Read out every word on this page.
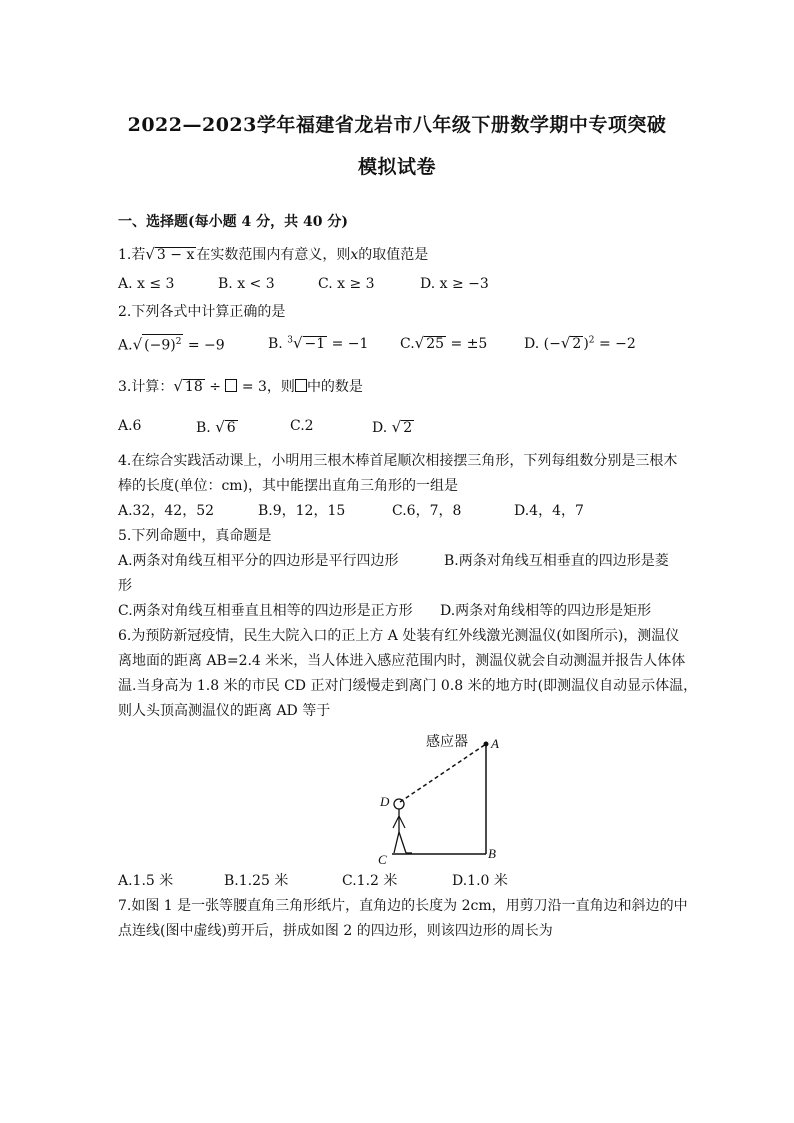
2022—2023学年福建省龙岩市八年级下册数学期中专项突破
模拟试卷
一、选择题(每小题 4 分，共 40 分)
1.若√ 3 − x 在实数范围内有意义，则x的取值范是
A. x ≤ 3	B. x < 3	C. x ≥ 3	D. x ≥ −3
2.下列各式中计算正确的是
A.√ $(-9)^2 = -9$	B. $^3$√ −1 = −1 C.√ 25 = ±5	D. (−√ 2 )$^2$ = −2
3.计算：√ 18 ÷ = 3，则 中的数是
A.6	B. √ 6	C.2	D. √ 2
4.在综合实践活动课上，小明用三根木棒首尾顺次相接摆三角形，下列每组数分别是三根木
棒的长度(单位：cm)，其中能摆出直角三角形的一组是
A.32，42，52	B.9，12，15	C.6，7，8	D.4，4，7
5.下列命题中，真命题是
A.两条对角线互相平分的四边形是平行四边形	B.两条对角线互相垂直的四边形是菱
形
C.两条对角线互相垂直且相等的四边形是正方形 D.两条对角线相等的四边形是矩形
6.为预防新冠疫情，民生大院入口的正上方 A 处装有红外线激光测温仪(如图所示)，测温仪
离地面的距离 AB=2.4 米米，当人体进入感应范围内时，测温仪就会自动测温并报告人体体
温.当身高为 1.8 米的市民 CD 正对门缓慢走到离门 0.8 米的地方时(即测温仪自动显示体温，
则人头顶高测温仪的距离 AD 等于
感应器 A
D
C	B
A.1.5 米	B.1.25 米	C.1.2 米	D.1.0 米
7.如图 1 是一张等腰直角三角形纸片，直角边的长度为 2cm，用剪刀沿一直角边和斜边的中
点连线(图中虚线)剪开后，拼成如图 2 的四边形，则该四边形的周长为
